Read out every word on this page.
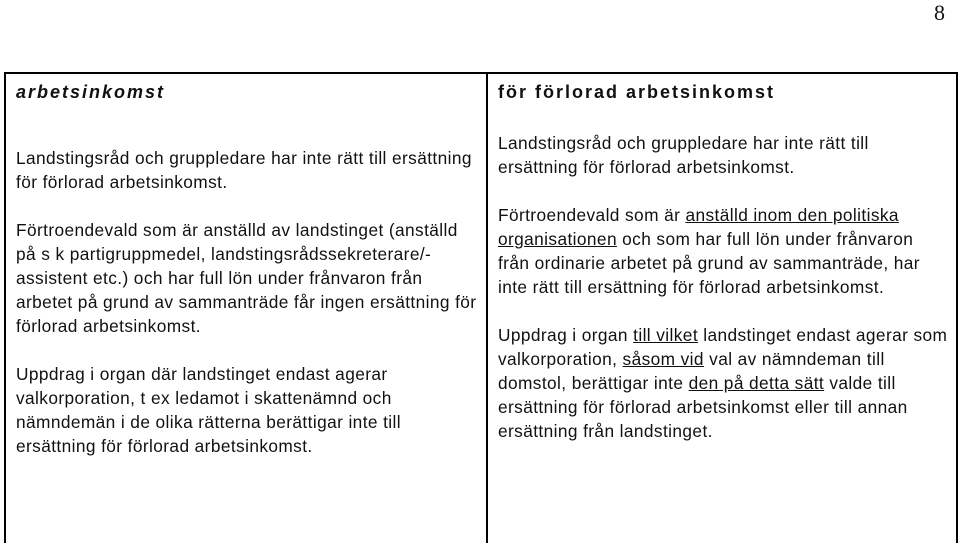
8
arbetsinkomst

Landstingsråd och gruppledare har inte rätt till ersättning för förlorad arbetsinkomst.

Förtroendevald som är anställd av landstinget (anställd på s k partigruppmedel, landstingsrådssekreterare/-assistent etc.) och har full lön under frånvaron från arbetet på grund av sammanträde får ingen ersättning för förlorad arbetsinkomst.

Uppdrag i organ där landstinget endast agerar valkorporation, t ex ledamot i skattenämnd och nämndemän i de olika rätterna berättigar inte till ersättning för förlorad arbetsinkomst.

för förlorad arbetsinkomst

Landstingsråd och gruppledare har inte rätt till ersättning för förlorad arbetsinkomst.

Förtroendevald som är anställd inom den politiska organisationen och som har full lön under frånvaron från ordinarie arbetet på grund av sammanträde, har inte rätt till ersättning för förlorad arbetsinkomst.

Uppdrag i organ till vilket landstinget endast agerar som valkorporation, såsom vid val av nämndeman till domstol, berättigar inte den på detta sätt valde till ersättning för förlorad arbetsinkomst eller till annan ersättning från landstinget.
